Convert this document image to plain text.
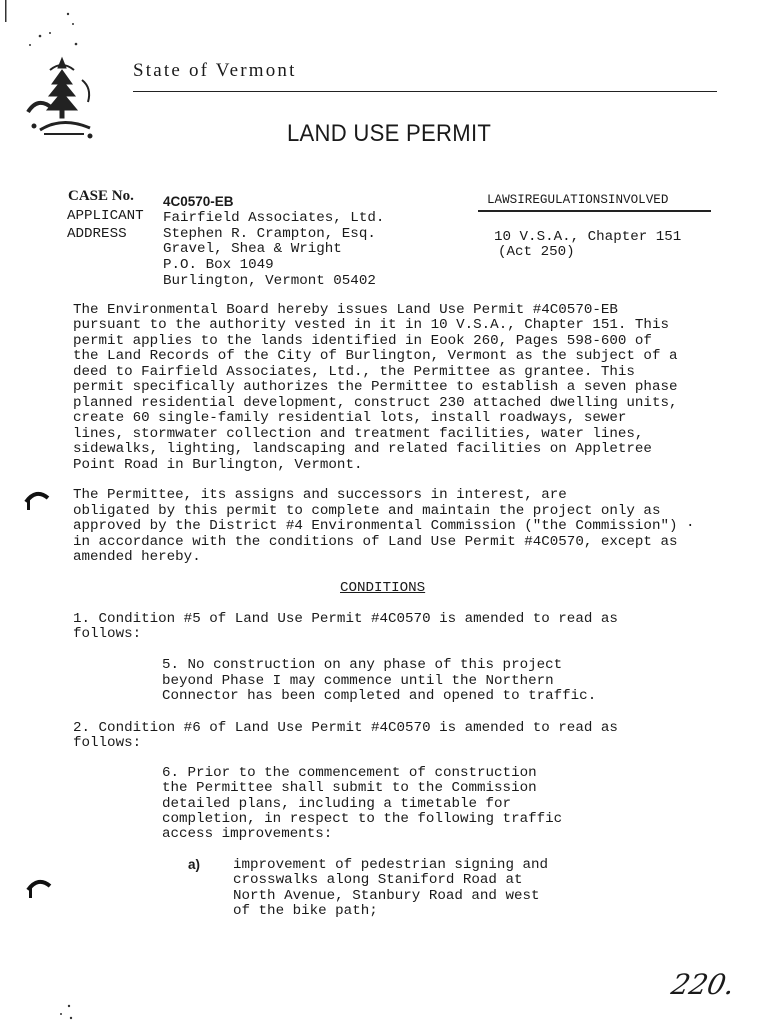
State of Vermont
LAND USE PERMIT
CASE No. 4C0570-EB
APPLICANT Fairfield Associates, Ltd.
ADDRESS	Stephen R. Crampton, Esq.
Gravel, Shea & Wright
P.O. Box 1049
Burlington, Vermont 05402
LAWSIREGULATIONSINVOLVED
10 V.S.A., Chapter 151
(Act 250)
The Environmental Board hereby issues Land Use Permit #4C0570-EB
pursuant to the authority vested in it in 10 V.S.A., Chapter 151. This
permit applies to the lands identified in Eook 260, Pages 598-600 of
the Land Records of the City of Burlington, Vermont as the subject of a
deed to Fairfield Associates, Ltd., the Permittee as grantee. This
permit specifically authorizes the Permittee to establish a seven phase
planned residential development, construct 230 attached dwelling units,
create 60 single-family residential lots, install roadways, sewer
lines, stormwater collection and treatment facilities, water lines,
sidewalks, lighting, landscaping and related facilities on Appletree
Point Road in Burlington, Vermont.
The Permittee, its assigns and successors in interest, are
obligated by this permit to complete and maintain the project only as
approved by the District #4 Environmental Commission ("the Commission") ·
in accordance with the conditions of Land Use Permit #4C0570, except as
amended hereby.
CONDITIONS
1. Condition #5 of Land Use Permit #4C0570 is amended to read as
follows:
5. No construction on any phase of this project
beyond Phase I may commence until the Northern
Connector has been completed and opened to traffic.
2. Condition #6 of Land Use Permit #4C0570 is amended to read as
follows:
6. Prior to the commencement of construction
the Permittee shall submit to the Commission
detailed plans, including a timetable for
completion, in respect to the following traffic
access improvements:
a) improvement of pedestrian signing and
crosswalks along Staniford Road at
North Avenue, Stanbury Road and west
of the bike path;
220.
